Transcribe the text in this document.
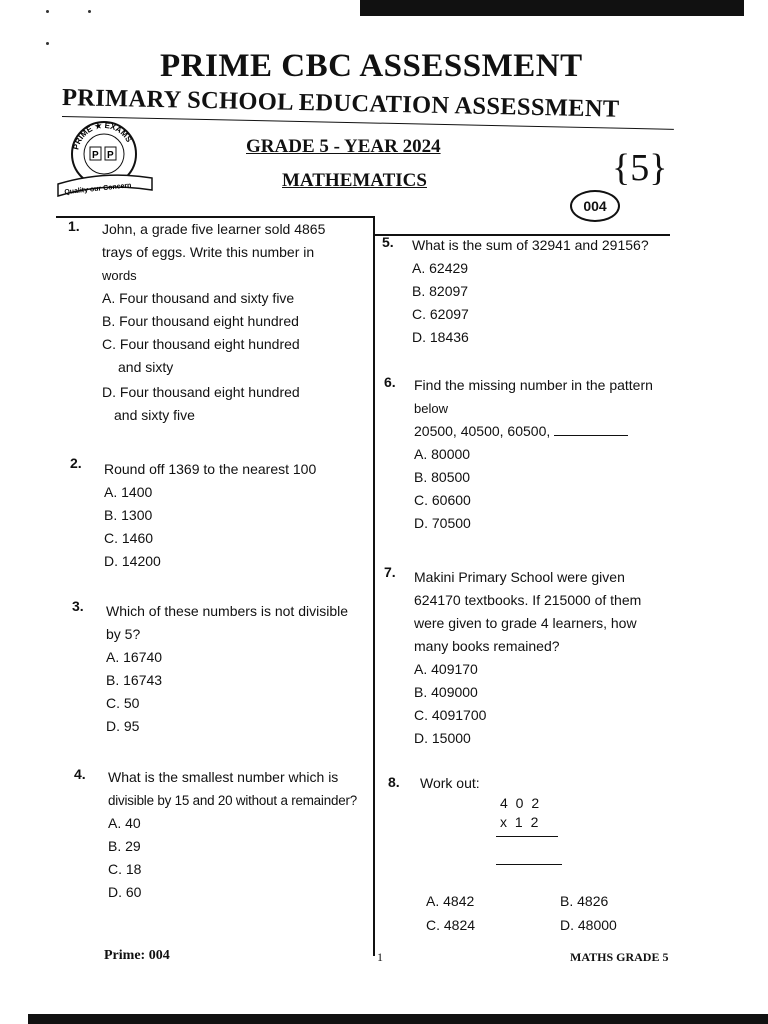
PRIME CBC ASSESSMENT
PRIMARY SCHOOL EDUCATION ASSESSMENT
GRADE 5 - YEAR 2024
MATHEMATICS	{5}
004
PRIME ★ EXAMS
P P
Quality our Concern
1. John, a grade five learner sold 4865
trays of eggs. Write this number in
words
A. Four thousand and sixty five
B. Four thousand eight hundred
C. Four thousand eight hundred
and sixty
D. Four thousand eight hundred
and sixty five
2. Round off 1369 to the nearest 100
A. 1400
B. 1300
C. 1460
D. 14200
3. Which of these numbers is not divisible
by 5?
A. 16740
B. 16743
C. 50
D. 95
4. What is the smallest number which is
divisible by 15 and 20 without a remainder?
A. 40
B. 29
C. 18
D. 60
5. What is the sum of 32941 and 29156?
A. 62429
B. 82097
C. 62097
D. 18436
6. Find the missing number in the pattern
below
20500, 40500, 60500,
A. 80000
B. 80500
C. 60600
D. 70500
7. Makini Primary School were given
624170 textbooks. If 215000 of them
were given to grade 4 learners, how
many books remained?
A. 409170
B. 409000
C. 4091700
D. 15000
8. Work out:
4 0 2
x 1 2
A. 4842	B. 4826
C. 4824	D. 48000
Prime: 004	1	MATHS GRADE 5
